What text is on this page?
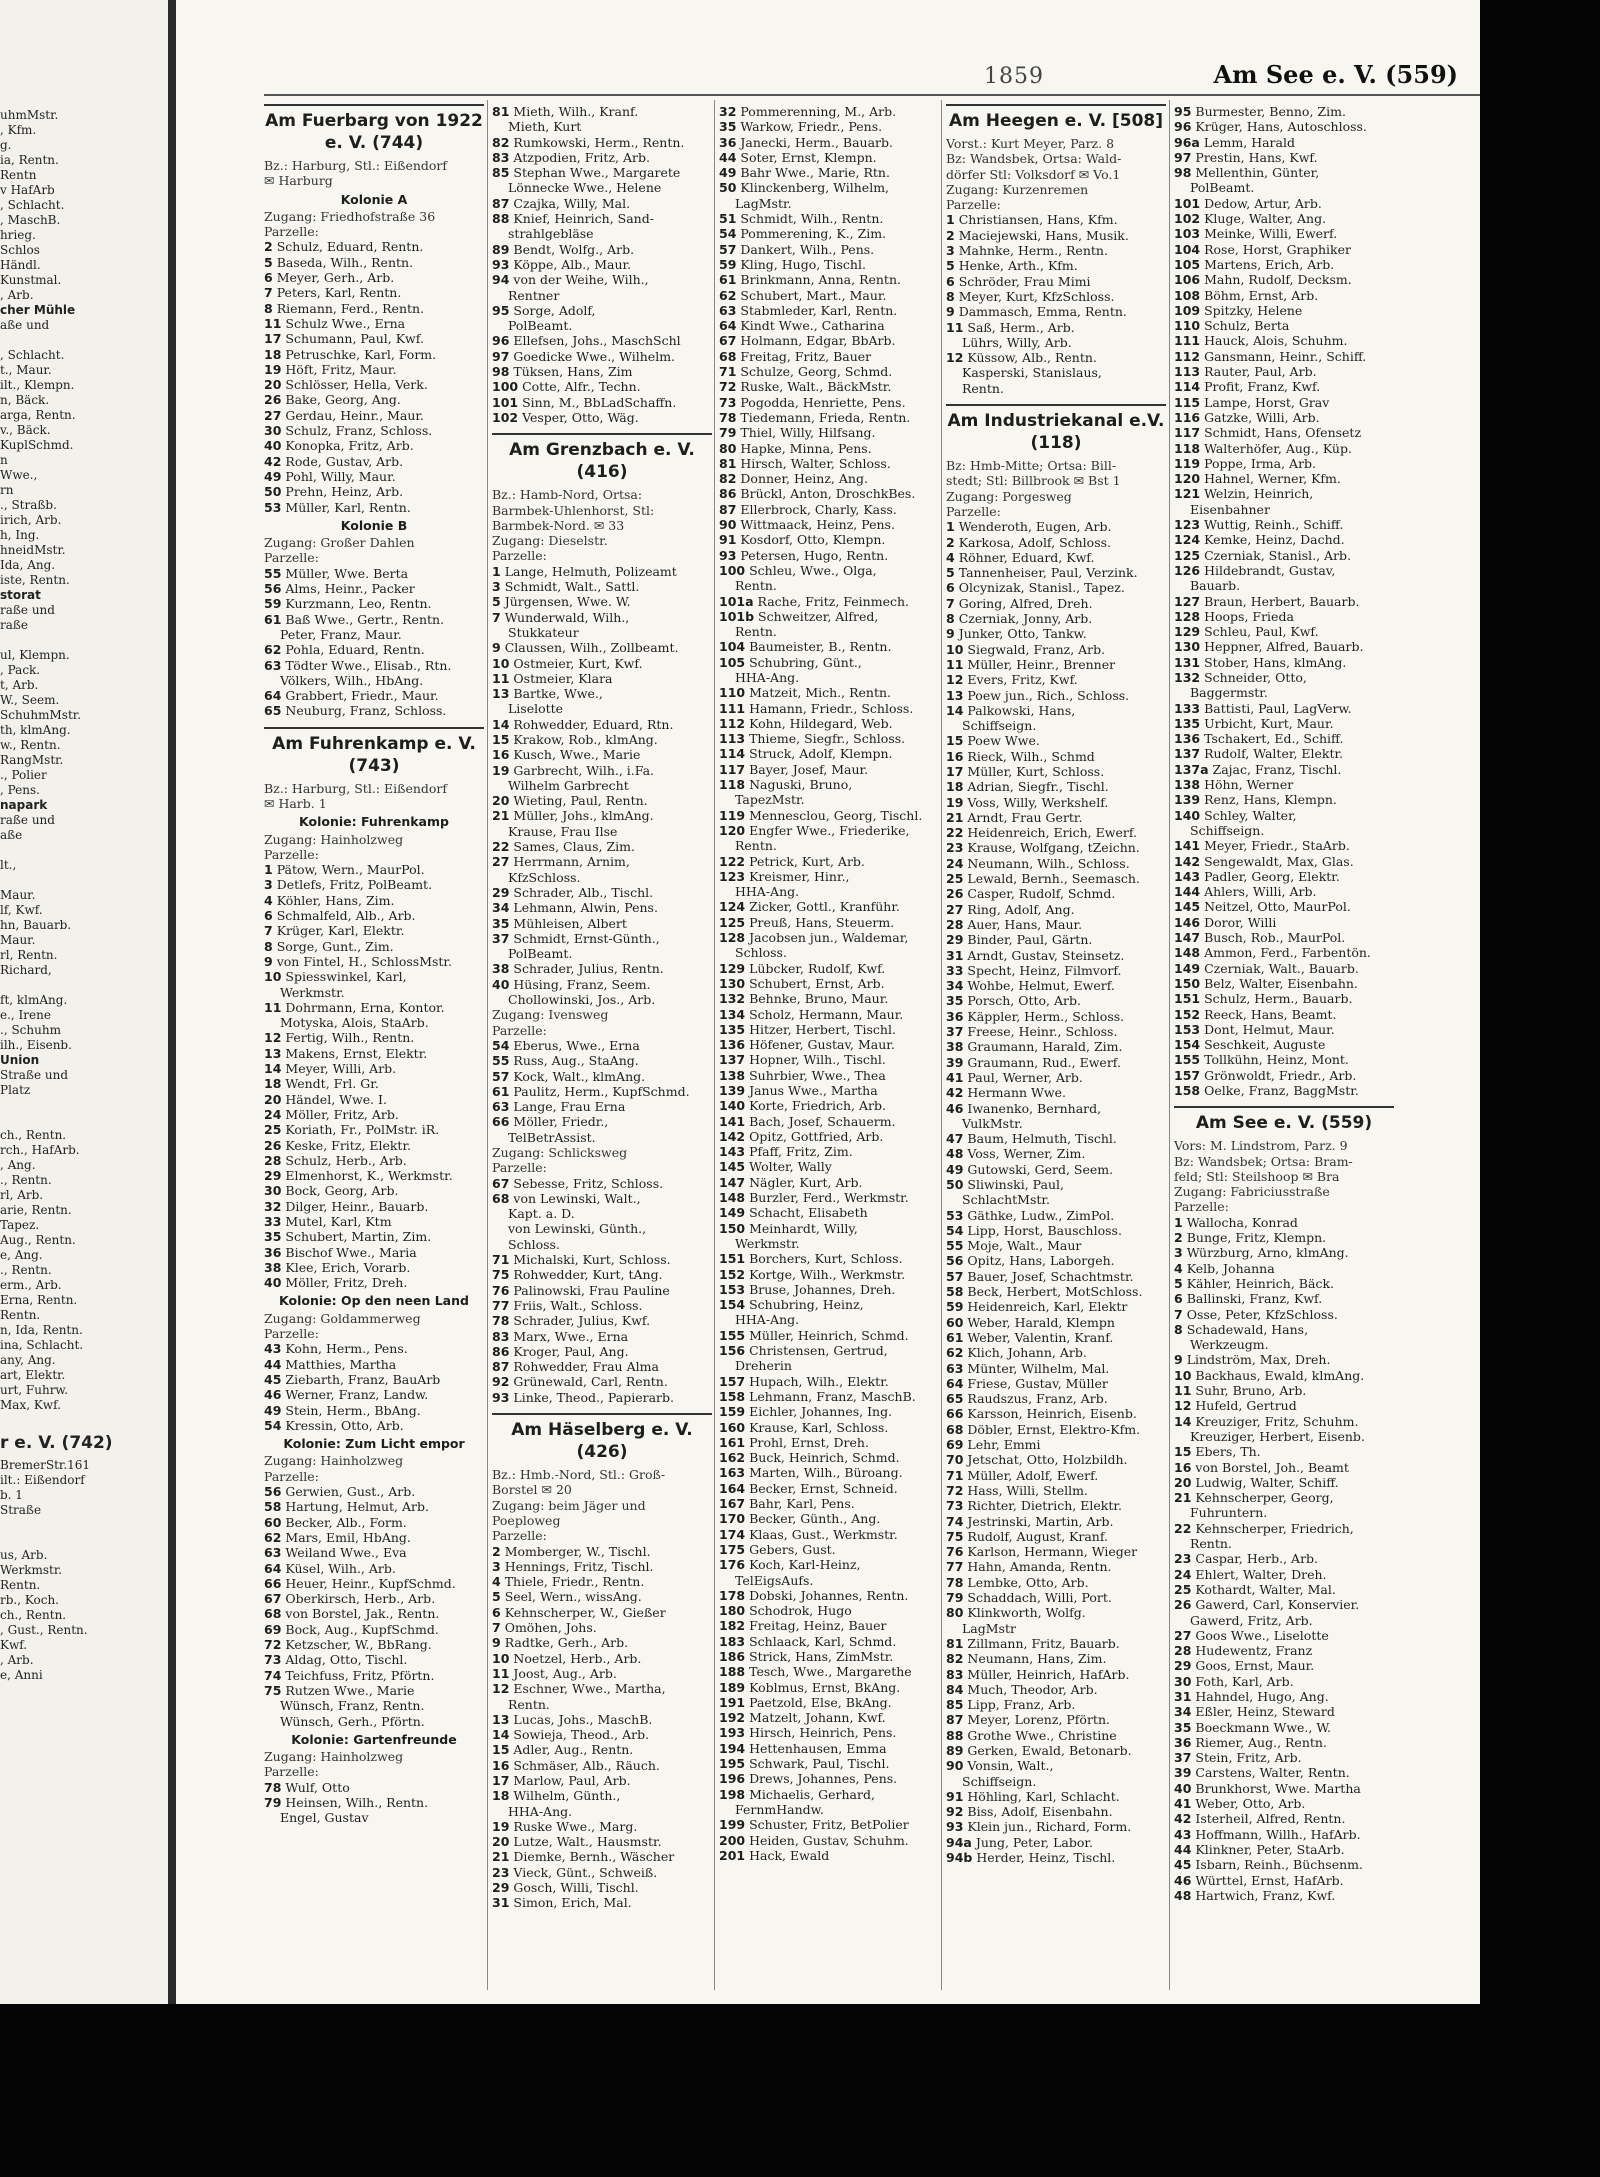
uhmMstr.
, Kfm.
g.
ia, Rentn.
Rentn
v HafArb
, Schlacht.
, MaschB.
hrieg.
Schlos
Händl.
Kunstmal.
, Arb.
cher Mühle
aße und

, Schlacht.
t., Maur.
ilt., Klempn.
n, Bäck.
arga, Rentn.
v., Bäck.
KuplSchmd.
n
Wwe.,
rn
., Straßb.
irich, Arb.
h, Ing.
hneidMstr.
Ida, Ang.
iste, Rentn.
storat
raße und
raße

ul, Klempn.
, Pack.
t, Arb.
W., Seem.
SchuhmMstr.
th, klmAng.
w., Rentn.
RangMstr.
., Polier
, Pens.
napark
raße und
aße

lt.,

Maur.
lf, Kwf.
hn, Bauarb.
Maur.
rl, Rentn.
Richard,

ft, klmAng.
e., Irene
., Schuhm
ilh., Eisenb.
Union
Straße und
Platz

ch., Rentn.
rch., HafArb.
, Ang.
., Rentn.
rl, Arb.
arie, Rentn.
Tapez.
Aug., Rentn.
e, Ang.
., Rentn.
erm., Arb.
Erna, Rentn.
Rentn.
n, Ida, Rentn.
ina, Schlacht.
any, Ang.
art, Elektr.
urt, Fuhrw.
Max, Kwf.

r e. V. (742)
BremerStr.161
ilt.: Eißendorf
b. 1
Straße

us, Arb.
Werkmstr.
Rentn.
rb., Koch.
ch., Rentn.
, Gust., Rentn.
Kwf.
, Arb.
e, Anni
1859	Am See e. V. (559)
Am Fuerbarg von 1922 e. V. (744)
Bz.: Harburg, Stl.: Eißendorf
✉ Harburg
Kolonie A
Zugang: Friedhofstraße 36
Parzelle:
2 Schulz, Eduard, Rentn.
5 Baseda, Wilh., Rentn.
6 Meyer, Gerh., Arb.
7 Peters, Karl, Rentn.
8 Riemann, Ferd., Rentn.
11 Schulz Wwe., Erna
17 Schumann, Paul, Kwf.
18 Petruschke, Karl, Form.
19 Höft, Fritz, Maur.
20 Schlösser, Hella, Verk.
26 Bake, Georg, Ang.
27 Gerdau, Heinr., Maur.
30 Schulz, Franz, Schloss.
40 Konopka, Fritz, Arb.
42 Rode, Gustav, Arb.
49 Pohl, Willy, Maur.
50 Prehn, Heinz, Arb.
53 Müller, Karl, Rentn.
Kolonie B
Zugang: Großer Dahlen
Parzelle:
55 Müller, Wwe. Berta
56 Alms, Heinr., Packer
59 Kurzmann, Leo, Rentn.
61 Baß Wwe., Gertr., Rentn.
Peter, Franz, Maur.
62 Pohla, Eduard, Rentn.
63 Tödter Wwe., Elisab., Rtn.
Völkers, Wilh., HbAng.
64 Grabbert, Friedr., Maur.
65 Neuburg, Franz, Schloss.
Am Fuhrenkamp e. V. (743)
Bz.: Harburg, Stl.: Eißendorf
✉ Harb. 1
Kolonie: Fuhrenkamp
Zugang: Hainholzweg
Parzelle:
1 Pätow, Wern., MaurPol.
3 Detlefs, Fritz, PolBeamt.
4 Köhler, Hans, Zim.
6 Schmalfeld, Alb., Arb.
7 Krüger, Karl, Elektr.
8 Sorge, Gunt., Zim.
9 von Fintel, H., SchlossMstr.
10 Spiesswinkel, Karl,
Werkmstr.
11 Dohrmann, Erna, Kontor.
Motyska, Alois, StaArb.
12 Fertig, Wilh., Rentn.
13 Makens, Ernst, Elektr.
14 Meyer, Willi, Arb.
18 Wendt, Frl. Gr.
20 Händel, Wwe. I.
24 Möller, Fritz, Arb.
25 Koriath, Fr., PolMstr. iR.
26 Keske, Fritz, Elektr.
28 Schulz, Herb., Arb.
29 Elmenhorst, K., Werkmstr.
30 Bock, Georg, Arb.
32 Dilger, Heinr., Bauarb.
33 Mutel, Karl, Ktm
35 Schubert, Martin, Zim.
36 Bischof Wwe., Maria
38 Klee, Erich, Vorarb.
40 Möller, Fritz, Dreh.
Kolonie: Op den neen Land
Zugang: Goldammerweg
Parzelle:
43 Kohn, Herm., Pens.
44 Matthies, Martha
45 Ziebarth, Franz, BauArb
46 Werner, Franz, Landw.
49 Stein, Herm., BbAng.
54 Kressin, Otto, Arb.
Kolonie: Zum Licht empor
Zugang: Hainholzweg
Parzelle:
56 Gerwien, Gust., Arb.
58 Hartung, Helmut, Arb.
60 Becker, Alb., Form.
62 Mars, Emil, HbAng.
63 Weiland Wwe., Eva
64 Küsel, Wilh., Arb.
66 Heuer, Heinr., KupfSchmd.
67 Oberkirsch, Herb., Arb.
68 von Borstel, Jak., Rentn.
69 Bock, Aug., KupfSchmd.
72 Ketzscher, W., BbRang.
73 Aldag, Otto, Tischl.
74 Teichfuss, Fritz, Pförtn.
75 Rutzen Wwe., Marie
Wünsch, Franz, Rentn.
Wünsch, Gerh., Pförtn.
Kolonie: Gartenfreunde
Zugang: Hainholzweg
Parzelle:
78 Wulf, Otto
79 Heinsen, Wilh., Rentn.
Engel, Gustav
81 Mieth, Wilh., Kranf.
Mieth, Kurt
82 Rumkowski, Herm., Rentn.
83 Atzpodien, Fritz, Arb.
85 Stephan Wwe., Margarete
Lönnecke Wwe., Helene
87 Czajka, Willy, Mal.
88 Knief, Heinrich, Sand-
strahlgebläse
89 Bendt, Wolfg., Arb.
93 Köppe, Alb., Maur.
94 von der Weihe, Wilh.,
Rentner
95 Sorge, Adolf,
PolBeamt.
96 Ellefsen, Johs., MaschSchl
97 Goedicke Wwe., Wilhelm.
98 Tüksen, Hans, Zim
100 Cotte, Alfr., Techn.
101 Sinn, M., BbLadSchaffn.
102 Vesper, Otto, Wäg.
Am Grenzbach e. V. (416)
Bz.: Hamb-Nord, Ortsa:
Barmbek-Uhlenhorst, Stl:
Barmbek-Nord. ✉ 33
Zugang: Dieselstr.
Parzelle:
1 Lange, Helmuth, Polizeamt
3 Schmidt, Walt., Sattl.
5 Jürgensen, Wwe. W.
7 Wunderwald, Wilh.,
Stukkateur
9 Claussen, Wilh., Zollbeamt.
10 Ostmeier, Kurt, Kwf.
11 Ostmeier, Klara
13 Bartke, Wwe.,
Liselotte
14 Rohwedder, Eduard, Rtn.
15 Krakow, Rob., klmAng.
16 Kusch, Wwe., Marie
19 Garbrecht, Wilh., i.Fa.
Wilhelm Garbrecht
20 Wieting, Paul, Rentn.
21 Müller, Johs., klmAng.
Krause, Frau Ilse
22 Sames, Claus, Zim.
27 Herrmann, Arnim,
KfzSchloss.
29 Schrader, Alb., Tischl.
34 Lehmann, Alwin, Pens.
35 Mühleisen, Albert
37 Schmidt, Ernst-Günth.,
PolBeamt.
38 Schrader, Julius, Rentn.
40 Hüsing, Franz, Seem.
Chollowinski, Jos., Arb.
Zugang: Ivensweg
Parzelle:
54 Eberus, Wwe., Erna
55 Russ, Aug., StaAng.
57 Kock, Walt., klmAng.
61 Paulitz, Herm., KupfSchmd.
63 Lange, Frau Erna
66 Möller, Friedr.,
TelBetrAssist.
Zugang: Schlicksweg
Parzelle:
67 Sebesse, Fritz, Schloss.
68 von Lewinski, Walt.,
Kapt. a. D.
von Lewinski, Günth.,
Schloss.
71 Michalski, Kurt, Schloss.
75 Rohwedder, Kurt, tAng.
76 Palinowski, Frau Pauline
77 Friis, Walt., Schloss.
78 Schrader, Julius, Kwf.
83 Marx, Wwe., Erna
86 Kroger, Paul, Ang.
87 Rohwedder, Frau Alma
92 Grünewald, Carl, Rentn.
93 Linke, Theod., Papierarb.
Am Häselberg e. V. (426)
Bz.: Hmb.-Nord, Stl.: Groß-
Borstel ✉ 20
Zugang: beim Jäger und
Poeploweg
Parzelle:
2 Momberger, W., Tischl.
3 Hennings, Fritz, Tischl.
4 Thiele, Friedr., Rentn.
5 Seel, Wern., wissAng.
6 Kehnscherper, W., Gießer
7 Omöhen, Johs.
9 Radtke, Gerh., Arb.
10 Noetzel, Herb., Arb.
11 Joost, Aug., Arb.
12 Eschner, Wwe., Martha,
Rentn.
13 Lucas, Johs., MaschB.
14 Sowieja, Theod., Arb.
15 Adler, Aug., Rentn.
16 Schmäser, Alb., Räuch.
17 Marlow, Paul, Arb.
18 Wilhelm, Günth.,
HHA-Ang.
19 Ruske Wwe., Marg.
20 Lutze, Walt., Hausmstr.
21 Diemke, Bernh., Wäscher
23 Vieck, Günt., Schweiß.
29 Gosch, Willi, Tischl.
31 Simon, Erich, Mal.
32 Pommerenning, M., Arb.
35 Warkow, Friedr., Pens.
36 Janecki, Herm., Bauarb.
44 Soter, Ernst, Klempn.
49 Bahr Wwe., Marie, Rtn.
50 Klinckenberg, Wilhelm,
LagMstr.
51 Schmidt, Wilh., Rentn.
54 Pommerening, K., Zim.
57 Dankert, Wilh., Pens.
59 Kling, Hugo, Tischl.
61 Brinkmann, Anna, Rentn.
62 Schubert, Mart., Maur.
63 Stabmleder, Karl, Rentn.
64 Kindt Wwe., Catharina
67 Holmann, Edgar, BbArb.
68 Freitag, Fritz, Bauer
71 Schulze, Georg, Schmd.
72 Ruske, Walt., BäckMstr.
73 Pogodda, Henriette, Pens.
78 Tiedemann, Frieda, Rentn.
79 Thiel, Willy, Hilfsang.
80 Hapke, Minna, Pens.
81 Hirsch, Walter, Schloss.
82 Donner, Heinz, Ang.
86 Brückl, Anton, DroschkBes.
87 Ellerbrock, Charly, Kass.
90 Wittmaack, Heinz, Pens.
91 Kosdorf, Otto, Klempn.
93 Petersen, Hugo, Rentn.
100 Schleu, Wwe., Olga,
Rentn.
101a Rache, Fritz, Feinmech.
101b Schweitzer, Alfred,
Rentn.
104 Baumeister, B., Rentn.
105 Schubring, Günt.,
HHA-Ang.
110 Matzeit, Mich., Rentn.
111 Hamann, Friedr., Schloss.
112 Kohn, Hildegard, Web.
113 Thieme, Siegfr., Schloss.
114 Struck, Adolf, Klempn.
117 Bayer, Josef, Maur.
118 Naguski, Bruno,
TapezMstr.
119 Mennesclou, Georg, Tischl.
120 Engfer Wwe., Friederike,
Rentn.
122 Petrick, Kurt, Arb.
123 Kreismer, Hinr.,
HHA-Ang.
124 Zicker, Gottl., Kranführ.
125 Preuß, Hans, Steuerm.
128 Jacobsen jun., Waldemar,
Schloss.
129 Lübcker, Rudolf, Kwf.
130 Schubert, Ernst, Arb.
132 Behnke, Bruno, Maur.
134 Scholz, Hermann, Maur.
135 Hitzer, Herbert, Tischl.
136 Höfener, Gustav, Maur.
137 Hopner, Wilh., Tischl.
138 Suhrbier, Wwe., Thea
139 Janus Wwe., Martha
140 Korte, Friedrich, Arb.
141 Bach, Josef, Schauerm.
142 Opitz, Gottfried, Arb.
143 Pfaff, Fritz, Zim.
145 Wolter, Wally
147 Nägler, Kurt, Arb.
148 Burzler, Ferd., Werkmstr.
149 Schacht, Elisabeth
150 Meinhardt, Willy,
Werkmstr.
151 Borchers, Kurt, Schloss.
152 Kortge, Wilh., Werkmstr.
153 Bruse, Johannes, Dreh.
154 Schubring, Heinz,
HHA-Ang.
155 Müller, Heinrich, Schmd.
156 Christensen, Gertrud,
Dreherin
157 Hupach, Wilh., Elektr.
158 Lehmann, Franz, MaschB.
159 Eichler, Johannes, Ing.
160 Krause, Karl, Schloss.
161 Prohl, Ernst, Dreh.
162 Buck, Heinrich, Schmd.
163 Marten, Wilh., Büroang.
164 Becker, Ernst, Schneid.
167 Bahr, Karl, Pens.
170 Becker, Günth., Ang.
174 Klaas, Gust., Werkmstr.
175 Gebers, Gust.
176 Koch, Karl-Heinz,
TelEigsAufs.
178 Dobski, Johannes, Rentn.
180 Schodrok, Hugo
182 Freitag, Heinz, Bauer
183 Schlaack, Karl, Schmd.
186 Strick, Hans, ZimMstr.
188 Tesch, Wwe., Margarethe
189 Koblmus, Ernst, BkAng.
191 Paetzold, Else, BkAng.
192 Matzelt, Johann, Kwf.
193 Hirsch, Heinrich, Pens.
194 Hettenhausen, Emma
195 Schwark, Paul, Tischl.
196 Drews, Johannes, Pens.
198 Michaelis, Gerhard,
FernmHandw.
199 Schuster, Fritz, BetPolier
200 Heiden, Gustav, Schuhm.
201 Hack, Ewald
Am Heegen e. V. [508]
Vorst.: Kurt Meyer, Parz. 8
Bz: Wandsbek, Ortsa: Wald-
dörfer Stl: Volksdorf ✉ Vo.1
Zugang: Kurzenremen
Parzelle:
1 Christiansen, Hans, Kfm.
2 Maciejewski, Hans, Musik.
3 Mahnke, Herm., Rentn.
5 Henke, Arth., Kfm.
6 Schröder, Frau Mimi
8 Meyer, Kurt, KfzSchloss.
9 Dammasch, Emma, Rentn.
11 Saß, Herm., Arb.
Lührs, Willy, Arb.
12 Küssow, Alb., Rentn.
Kasperski, Stanislaus,
Rentn.
Am Industriekanal e.V.(118)
Bz: Hmb-Mitte; Ortsa: Bill-
stedt; Stl: Billbrook ✉ Bst 1
Zugang: Porgesweg
Parzelle:
1 Wenderoth, Eugen, Arb.
2 Karkosa, Adolf, Schloss.
4 Röhner, Eduard, Kwf.
5 Tannenheiser, Paul, Verzink.
6 Olcynizak, Stanisl., Tapez.
7 Goring, Alfred, Dreh.
8 Czerniak, Jonny, Arb.
9 Junker, Otto, Tankw.
10 Siegwald, Franz, Arb.
11 Müller, Heinr., Brenner
12 Evers, Fritz, Kwf.
13 Poew jun., Rich., Schloss.
14 Palkowski, Hans,
Schiffseign.
15 Poew Wwe.
16 Rieck, Wilh., Schmd
17 Müller, Kurt, Schloss.
18 Adrian, Siegfr., Tischl.
19 Voss, Willy, Werkshelf.
21 Arndt, Frau Gertr.
22 Heidenreich, Erich, Ewerf.
23 Krause, Wolfgang, tZeichn.
24 Neumann, Wilh., Schloss.
25 Lewald, Bernh., Seemasch.
26 Casper, Rudolf, Schmd.
27 Ring, Adolf, Ang.
28 Auer, Hans, Maur.
29 Binder, Paul, Gärtn.
31 Arndt, Gustav, Steinsetz.
33 Specht, Heinz, Filmvorf.
34 Wohbe, Helmut, Ewerf.
35 Porsch, Otto, Arb.
36 Käppler, Herm., Schloss.
37 Freese, Heinr., Schloss.
38 Graumann, Harald, Zim.
39 Graumann, Rud., Ewerf.
41 Paul, Werner, Arb.
42 Hermann Wwe.
46 Iwanenko, Bernhard,
VulkMstr.
47 Baum, Helmuth, Tischl.
48 Voss, Werner, Zim.
49 Gutowski, Gerd, Seem.
50 Sliwinski, Paul,
SchlachtMstr.
53 Gäthke, Ludw., ZimPol.
54 Lipp, Horst, Bauschloss.
55 Moje, Walt., Maur
56 Opitz, Hans, Laborgeh.
57 Bauer, Josef, Schachtmstr.
58 Beck, Herbert, MotSchloss.
59 Heidenreich, Karl, Elektr
60 Weber, Harald, Klempn
61 Weber, Valentin, Kranf.
62 Klich, Johann, Arb.
63 Münter, Wilhelm, Mal.
64 Friese, Gustav, Müller
65 Raudszus, Franz, Arb.
66 Karsson, Heinrich, Eisenb.
68 Döbler, Ernst, Elektro-Kfm.
69 Lehr, Emmi
70 Jetschat, Otto, Holzbildh.
71 Müller, Adolf, Ewerf.
72 Hass, Willi, Stellm.
73 Richter, Dietrich, Elektr.
74 Jestrinski, Martin, Arb.
75 Rudolf, August, Kranf.
76 Karlson, Hermann, Wieger
77 Hahn, Amanda, Rentn.
78 Lembke, Otto, Arb.
79 Schaddach, Willi, Port.
80 Klinkworth, Wolfg.
LagMstr
81 Zillmann, Fritz, Bauarb.
82 Neumann, Hans, Zim.
83 Müller, Heinrich, HafArb.
84 Much, Theodor, Arb.
85 Lipp, Franz, Arb.
87 Meyer, Lorenz, Pförtn.
88 Grothe Wwe., Christine
89 Gerken, Ewald, Betonarb.
90 Vonsin, Walt.,
Schiffseign.
91 Höhling, Karl, Schlacht.
92 Biss, Adolf, Eisenbahn.
93 Klein jun., Richard, Form.
94a Jung, Peter, Labor.
94b Herder, Heinz, Tischl.
95 Burmester, Benno, Zim.
96 Krüger, Hans, Autoschloss.
96a Lemm, Harald
97 Prestin, Hans, Kwf.
98 Mellenthin, Günter,
PolBeamt.
101 Dedow, Artur, Arb.
102 Kluge, Walter, Ang.
103 Meinke, Willi, Ewerf.
104 Rose, Horst, Graphiker
105 Martens, Erich, Arb.
106 Mahn, Rudolf, Decksm.
108 Böhm, Ernst, Arb.
109 Spitzky, Helene
110 Schulz, Berta
111 Hauck, Alois, Schuhm.
112 Gansmann, Heinr., Schiff.
113 Rauter, Paul, Arb.
114 Profit, Franz, Kwf.
115 Lampe, Horst, Grav
116 Gatzke, Willi, Arb.
117 Schmidt, Hans, Ofensetz
118 Walterhöfer, Aug., Küp.
119 Poppe, Irma, Arb.
120 Hahnel, Werner, Kfm.
121 Welzin, Heinrich,
Eisenbahner
123 Wuttig, Reinh., Schiff.
124 Kemke, Heinz, Dachd.
125 Czerniak, Stanisl., Arb.
126 Hildebrandt, Gustav,
Bauarb.
127 Braun, Herbert, Bauarb.
128 Hoops, Frieda
129 Schleu, Paul, Kwf.
130 Heppner, Alfred, Bauarb.
131 Stober, Hans, klmAng.
132 Schneider, Otto,
Baggermstr.
133 Battisti, Paul, LagVerw.
135 Urbicht, Kurt, Maur.
136 Tschakert, Ed., Schiff.
137 Rudolf, Walter, Elektr.
137a Zajac, Franz, Tischl.
138 Höhn, Werner
139 Renz, Hans, Klempn.
140 Schley, Walter,
Schiffseign.
141 Meyer, Friedr., StaArb.
142 Sengewaldt, Max, Glas.
143 Padler, Georg, Elektr.
144 Ahlers, Willi, Arb.
145 Neitzel, Otto, MaurPol.
146 Doror, Willi
147 Busch, Rob., MaurPol.
148 Ammon, Ferd., Farbentön.
149 Czerniak, Walt., Bauarb.
150 Belz, Walter, Eisenbahn.
151 Schulz, Herm., Bauarb.
152 Reeck, Hans, Beamt.
153 Dont, Helmut, Maur.
154 Seschkeit, Auguste
155 Tollkühn, Heinz, Mont.
157 Grönwoldt, Friedr., Arb.
158 Oelke, Franz, BaggMstr.
Am See e. V. (559)
Vors: M. Lindstrom, Parz. 9
Bz: Wandsbek; Ortsa: Bram-
feld; Stl: Steilshoop ✉ Bra
Zugang: Fabriciusstraße
Parzelle:
1 Wallocha, Konrad
2 Bunge, Fritz, Klempn.
3 Würzburg, Arno, klmAng.
4 Kelb, Johanna
5 Kähler, Heinrich, Bäck.
6 Ballinski, Franz, Kwf.
7 Osse, Peter, KfzSchloss.
8 Schadewald, Hans,
Werkzeugm.
9 Lindström, Max, Dreh.
10 Backhaus, Ewald, klmAng.
11 Suhr, Bruno, Arb.
12 Hufeld, Gertrud
14 Kreuziger, Fritz, Schuhm.
Kreuziger, Herbert, Eisenb.
15 Ebers, Th.
16 von Borstel, Joh., Beamt
20 Ludwig, Walter, Schiff.
21 Kehnscherper, Georg,
Fuhruntern.
22 Kehnscherper, Friedrich,
Rentn.
23 Caspar, Herb., Arb.
24 Ehlert, Walter, Dreh.
25 Kothardt, Walter, Mal.
26 Gawerd, Carl, Konservier.
Gawerd, Fritz, Arb.
27 Goos Wwe., Liselotte
28 Hudewentz, Franz
29 Goos, Ernst, Maur.
30 Foth, Karl, Arb.
31 Hahndel, Hugo, Ang.
34 Eßler, Heinz, Steward
35 Boeckmann Wwe., W.
36 Riemer, Aug., Rentn.
37 Stein, Fritz, Arb.
39 Carstens, Walter, Rentn.
40 Brunkhorst, Wwe. Martha
41 Weber, Otto, Arb.
42 Isterheil, Alfred, Rentn.
43 Hoffmann, Willh., HafArb.
44 Klinkner, Peter, StaArb.
45 Isbarn, Reinh., Büchsenm.
46 Württel, Ernst, HafArb.
48 Hartwich, Franz, Kwf.
